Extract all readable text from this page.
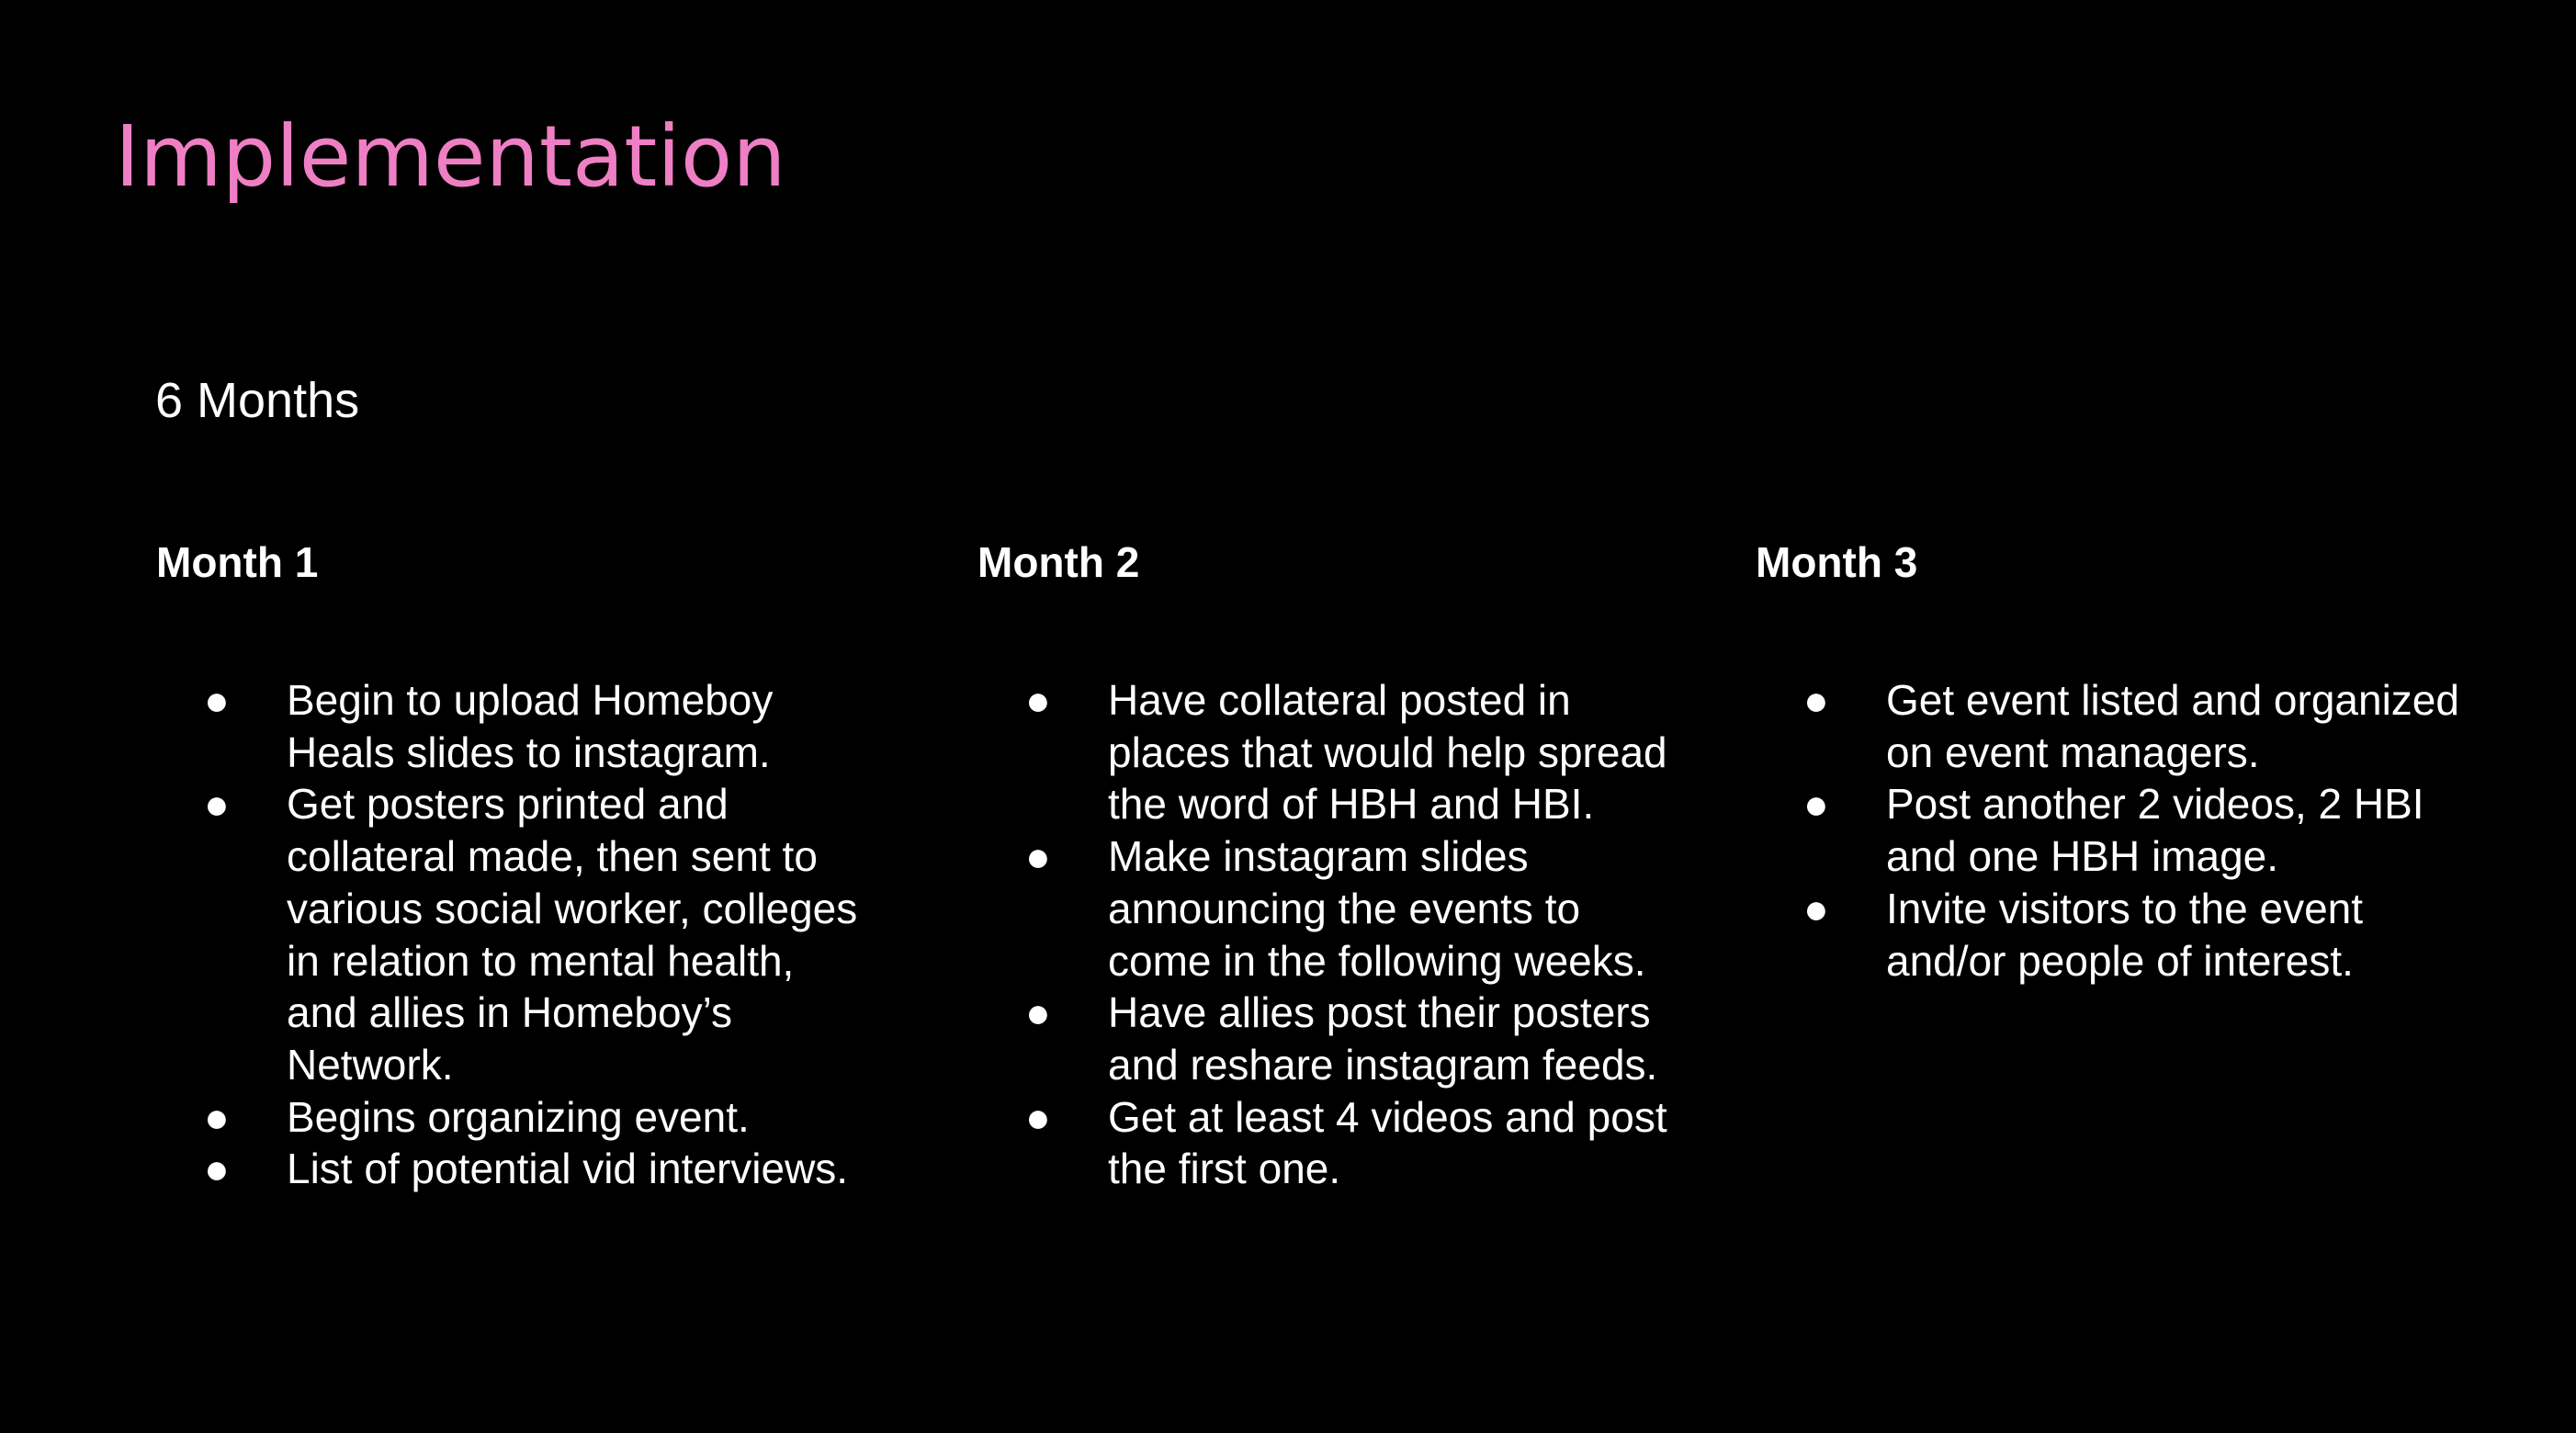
Implementation
6 Months
Month 1
● Begin to upload Homeboy Heals slides to instagram.
● Get posters printed and collateral made, then sent to various social worker, colleges in relation to mental health, and allies in Homeboy’s Network.
● Begins organizing event.
● List of potential vid interviews.
Month 2
● Have collateral posted in places that would help spread the word of HBH and HBI.
● Make instagram slides announcing the events to come in the following weeks.
● Have allies post their posters and reshare instagram feeds.
● Get at least 4 videos and post the first one.
Month 3
● Get event listed and organized on event managers.
● Post another 2 videos, 2 HBI and one HBH image.
● Invite visitors to the event and/or people of interest.
